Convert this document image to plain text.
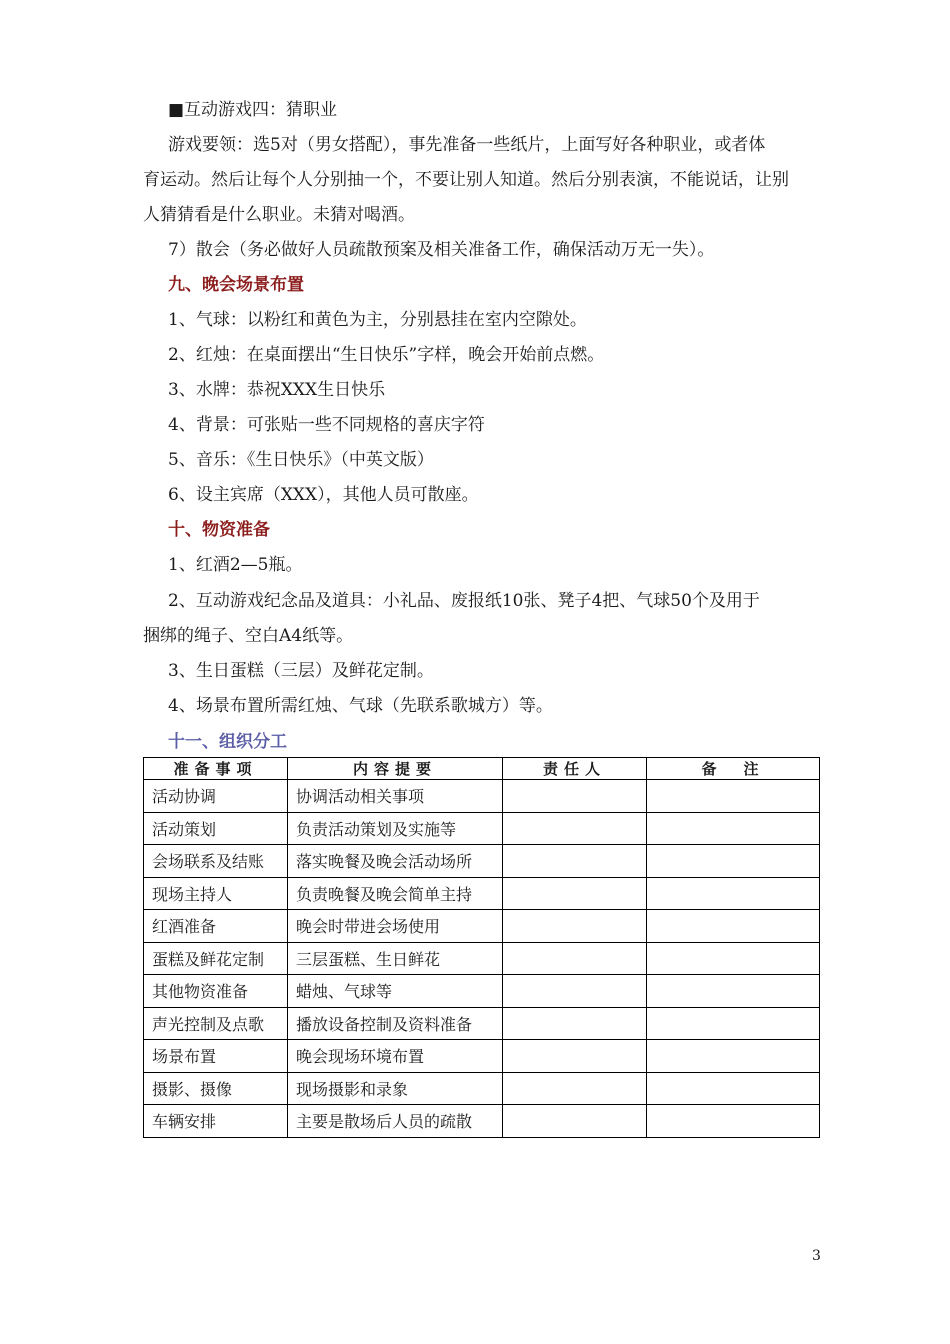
■互动游戏四：猜职业
游戏要领：选5对（男女搭配），事先准备一些纸片，上面写好各种职业，或者体
育运动。然后让每个人分别抽一个，不要让别人知道。然后分别表演，不能说话，让别
人猜猜看是什么职业。未猜对喝酒。
7）散会（务必做好人员疏散预案及相关准备工作，确保活动万无一失）。
九、晚会场景布置
1、气球：以粉红和黄色为主，分别悬挂在室内空隙处。
2、红烛：在桌面摆出“生日快乐”字样，晚会开始前点燃。
3、水牌：恭祝XXX生日快乐
4、背景：可张贴一些不同规格的喜庆字符
5、音乐：《生日快乐》（中英文版）
6、设主宾席（XXX），其他人员可散座。
十、物资准备
1、红酒2—5瓶。
2、互动游戏纪念品及道具：小礼品、废报纸10张、凳子4把、气球50个及用于
捆绑的绳子、空白A4纸等。
3、生日蛋糕（三层）及鲜花定制。
4、场景布置所需红烛、气球（先联系歌城方）等。
十一、组织分工
准备事项	内容提要	责任人	备　注
活动协调	协调活动相关事项		
活动策划	负责活动策划及实施等		
会场联系及结账	落实晚餐及晚会活动场所		
现场主持人	负责晚餐及晚会简单主持		
红酒准备	晚会时带进会场使用		
蛋糕及鲜花定制	三层蛋糕、生日鲜花		
其他物资准备	蜡烛、气球等		
声光控制及点歌	播放设备控制及资料准备		
场景布置	晚会现场环境布置		
摄影、摄像	现场摄影和录象		
车辆安排	主要是散场后人员的疏散		
3
